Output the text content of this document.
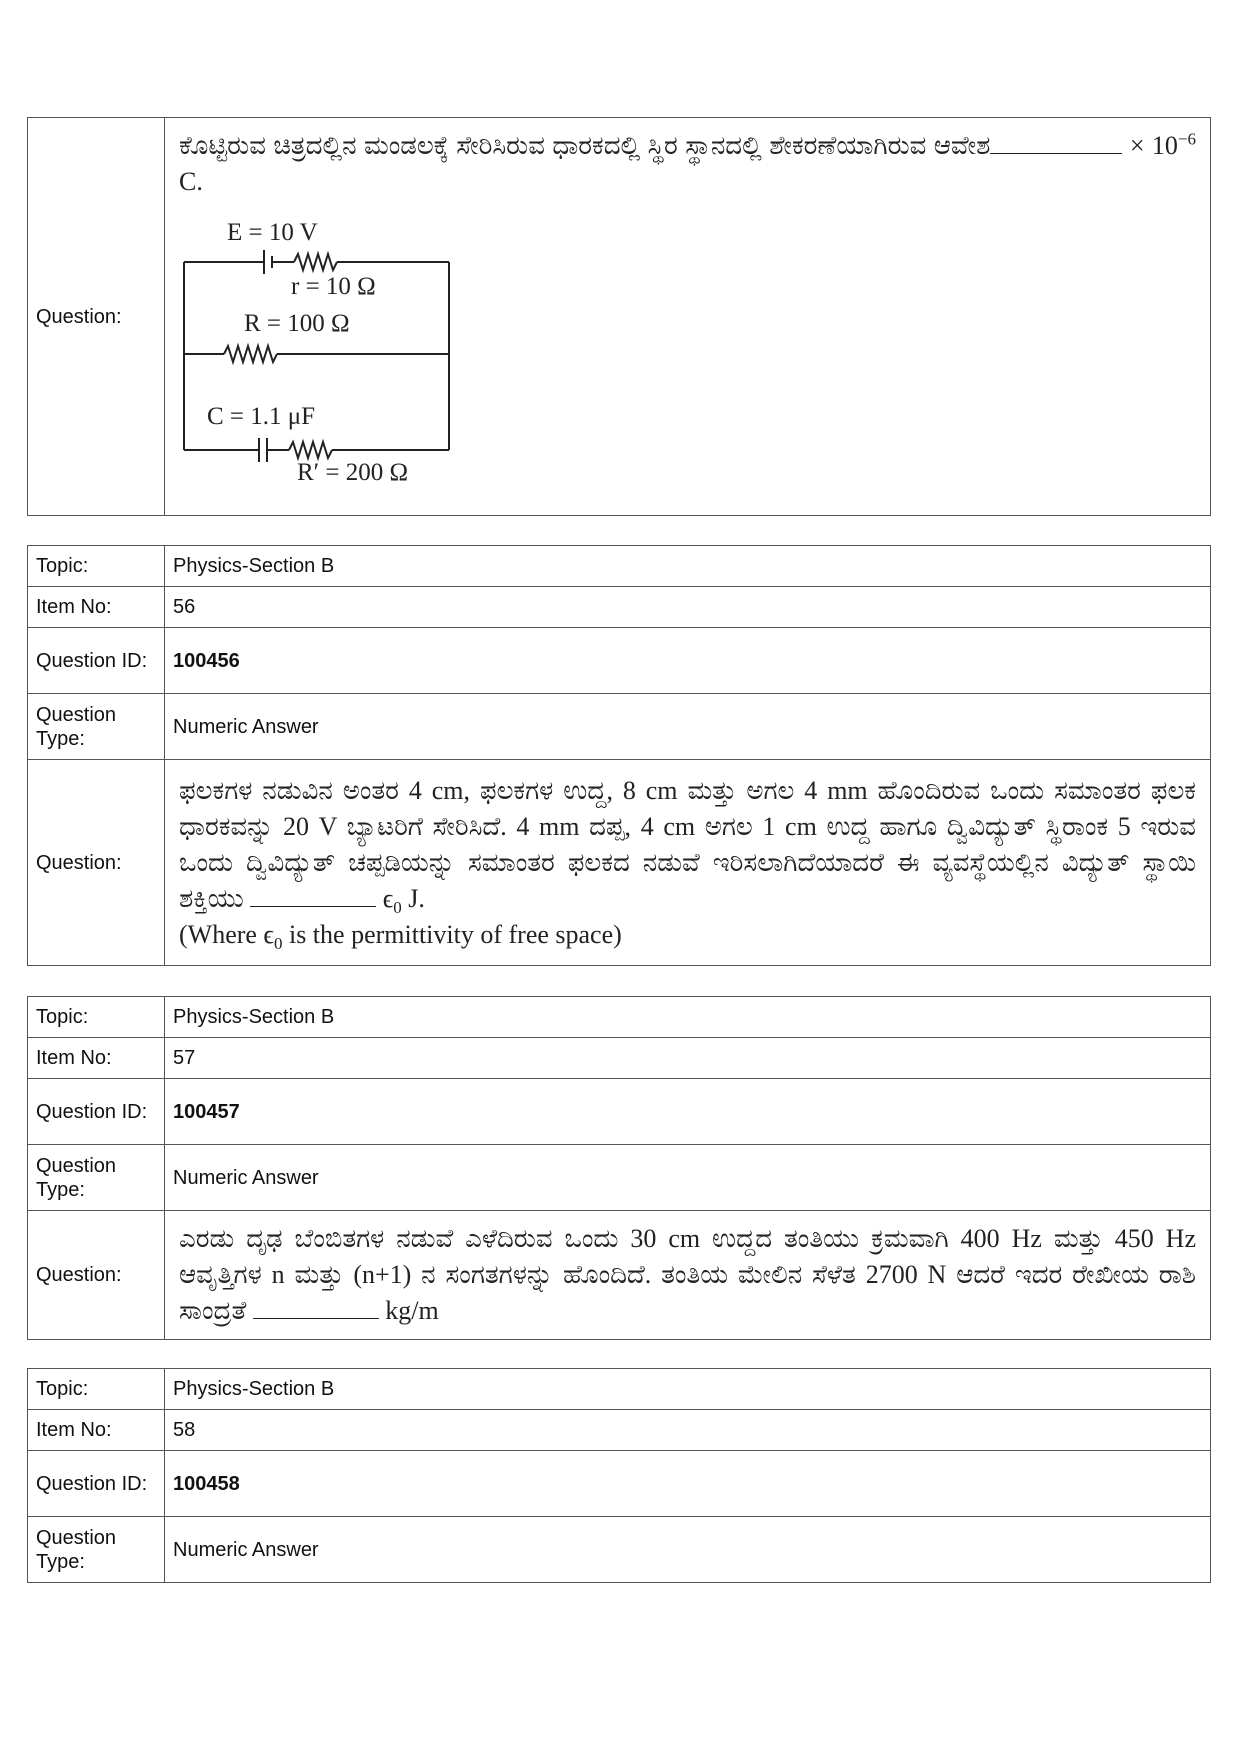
Question:	

ಕೊಟ್ಟಿರುವ ಚಿತ್ರದಲ್ಲಿನ ಮಂಡಲಕ್ಕೆ ಸೇರಿಸಿರುವ ಧಾರಕದಲ್ಲಿ ಸ್ಥಿರ ಸ್ಥಾನದಲ್ಲಿ ಶೇಕರಣೆಯಾಗಿರುವ ಆವೇಶ	× $10^{-6}$ C.

E = 10 V
r = 10 Ω
R = 100 Ω
C = 1.1 μF
R′ = 200 Ω
Topic:	Physics-Section B
Item No:	56
Question ID:	100456
Question Type:	Numeric Answer
Question:	ಫಲಕಗಳ ನಡುವಿನ ಅಂತರ 4 cm, ಫಲಕಗಳ ಉದ್ದ, 8 cm ಮತ್ತು ಅಗಲ 4 mm ಹೊಂದಿರುವ ಒಂದು ಸಮಾಂತರ ಫಲಕ ಧಾರಕವನ್ನು 20 V ಬ್ಯಾಟರಿಗೆ ಸೇರಿಸಿದೆ. 4 mm ದಪ್ಪ, 4 cm ಅಗಲ 1 cm ಉದ್ದ ಹಾಗೂ ದ್ವಿವಿದ್ಯುತ್ ಸ್ಥಿರಾಂಕ 5 ಇರುವ ಒಂದು ದ್ವಿವಿದ್ಯುತ್ ಚಪ್ಪಡಿಯನ್ನು ಸಮಾಂತರ ಫಲಕದ ನಡುವೆ ಇರಿಸಲಾಗಿದೆಯಾದರೆ ಈ ವ್ಯವಸ್ಥೆಯಲ್ಲಿನ ವಿದ್ಯುತ್ ಸ್ಥಾಯಿ ಶಕ್ತಿಯು $\epsilon_0$ J.

(Where $\epsilon_0$ is the permittivity of free space)

Topic:	Physics-Section B
Item No:	57
Question ID:	100457
Question Type:	Numeric Answer
Question:	ಎರಡು ದೃಢ ಬೆಂಬಿತಗಳ ನಡುವೆ ಎಳೆದಿರುವ ಒಂದು 30 cm ಉದ್ದದ ತಂತಿಯು ಕ್ರಮವಾಗಿ 400 Hz ಮತ್ತು 450 Hz ಆವೃತ್ತಿಗಳ n ಮತ್ತು (n+1) ನ ಸಂಗತಗಳನ್ನು ಹೊಂದಿದೆ. ತಂತಿಯ ಮೇಲಿನ ಸೆಳೆತ 2700 N ಆದರೆ ಇದರ ರೇಖೀಯ ರಾಶಿ ಸಾಂದ್ರತೆ kg/m

Topic:	Physics-Section B
Item No:	58
Question ID:	100458
Question Type:	Numeric Answer
